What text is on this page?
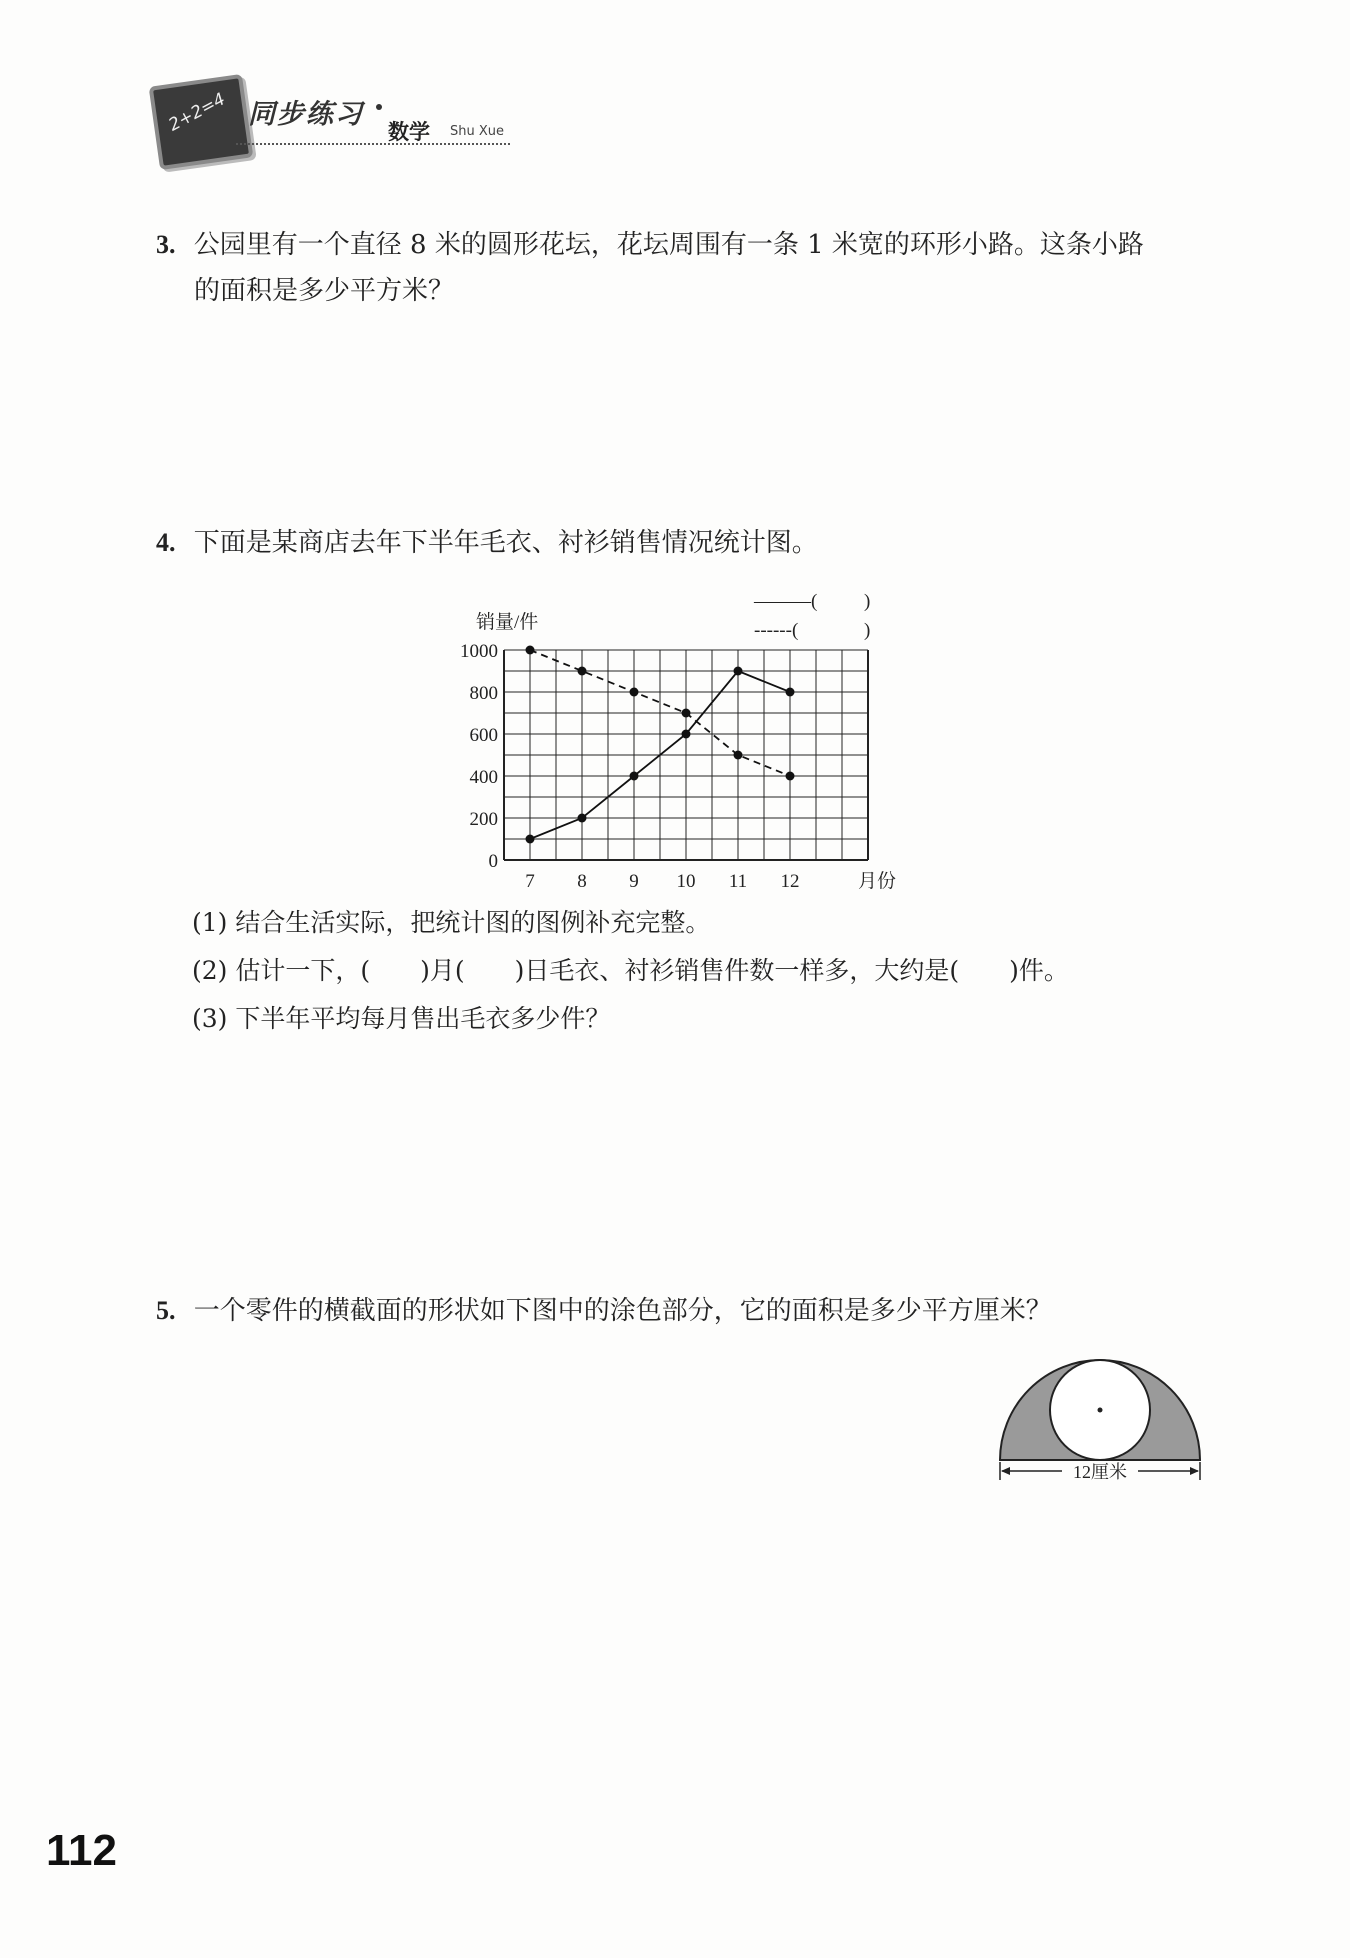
2+2=4 同步练习
数学 Shu Xue
3. 公园里有一个直径 8 米的圆形花坛，花坛周围有一条 1 米宽的环形小路。这条小路
的面积是多少平方米？
4. 下面是某商店去年下半年毛衣、衬衫销售情况统计图。
销量/件
———( )
------(	)
0
200
400
600
800
1000
7 8 9 10 11 12	月份
(1) 结合生活实际，把统计图的图例补充完整。
(2) 估计一下，(　　)月(　　)日毛衣、衬衫销售件数一样多，大约是(　　)件。
(3) 下半年平均每月售出毛衣多少件？
5. 一个零件的横截面的形状如下图中的涂色部分，它的面积是多少平方厘米？
12厘米
112
